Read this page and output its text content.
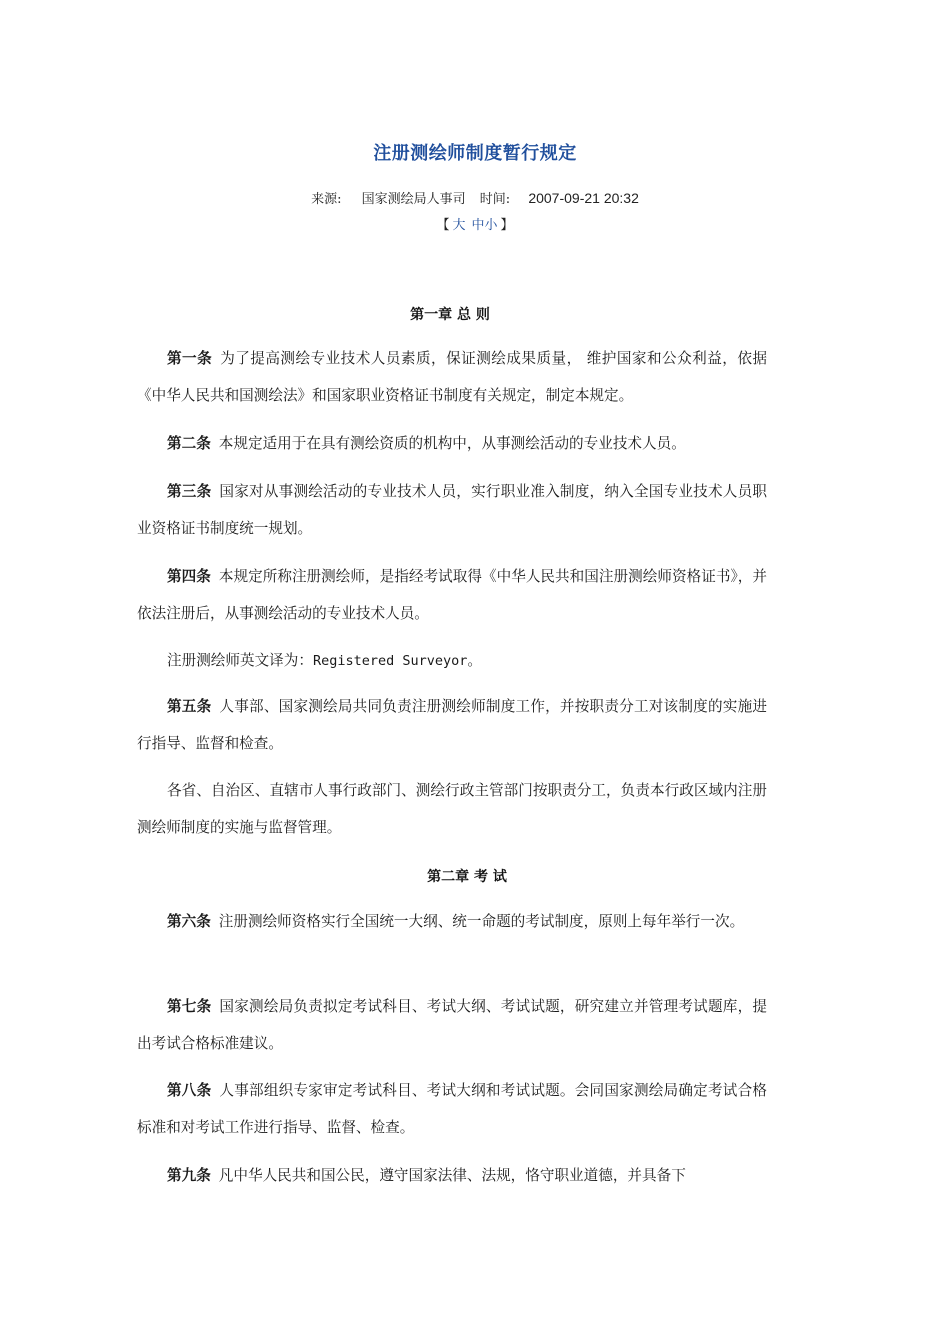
注册测绘师制度暂行规定
来源: 国家测绘局人事司 时间: 2007-09-21 20:32
【 大 中小 】
第一章 总 则

第一条 为了提高测绘专业技术人员素质，保证测绘成果质量， 维护国家和公众利益，依据《中华人民共和国测绘法》和国家职业资格证书制度有关规定，制定本规定。

第二条 本规定适用于在具有测绘资质的机构中，从事测绘活动的专业技术人员。

第三条 国家对从事测绘活动的专业技术人员，实行职业准入制度，纳入全国专业技术人员职业资格证书制度统一规划。

第四条 本规定所称注册测绘师，是指经考试取得《中华人民共和国注册测绘师资格证书》，并依法注册后，从事测绘活动的专业技术人员。

注册测绘师英文译为：Registered Surveyor。

第五条 人事部、国家测绘局共同负责注册测绘师制度工作，并按职责分工对该制度的实施进行指导、监督和检查。

各省、自治区、直辖市人事行政部门、测绘行政主管部门按职责分工，负责本行政区域内注册测绘师制度的实施与监督管理。

第二章 考 试

第六条 注册测绘师资格实行全国统一大纲、统一命题的考试制度，原则上每年举行一次。

第七条 国家测绘局负责拟定考试科目、考试大纲、考试试题，研究建立并管理考试题库，提出考试合格标准建议。

第八条 人事部组织专家审定考试科目、考试大纲和考试试题。会同国家测绘局确定考试合格标准和对考试工作进行指导、监督、检查。

第九条 凡中华人民共和国公民，遵守国家法律、法规，恪守职业道德，并具备下
